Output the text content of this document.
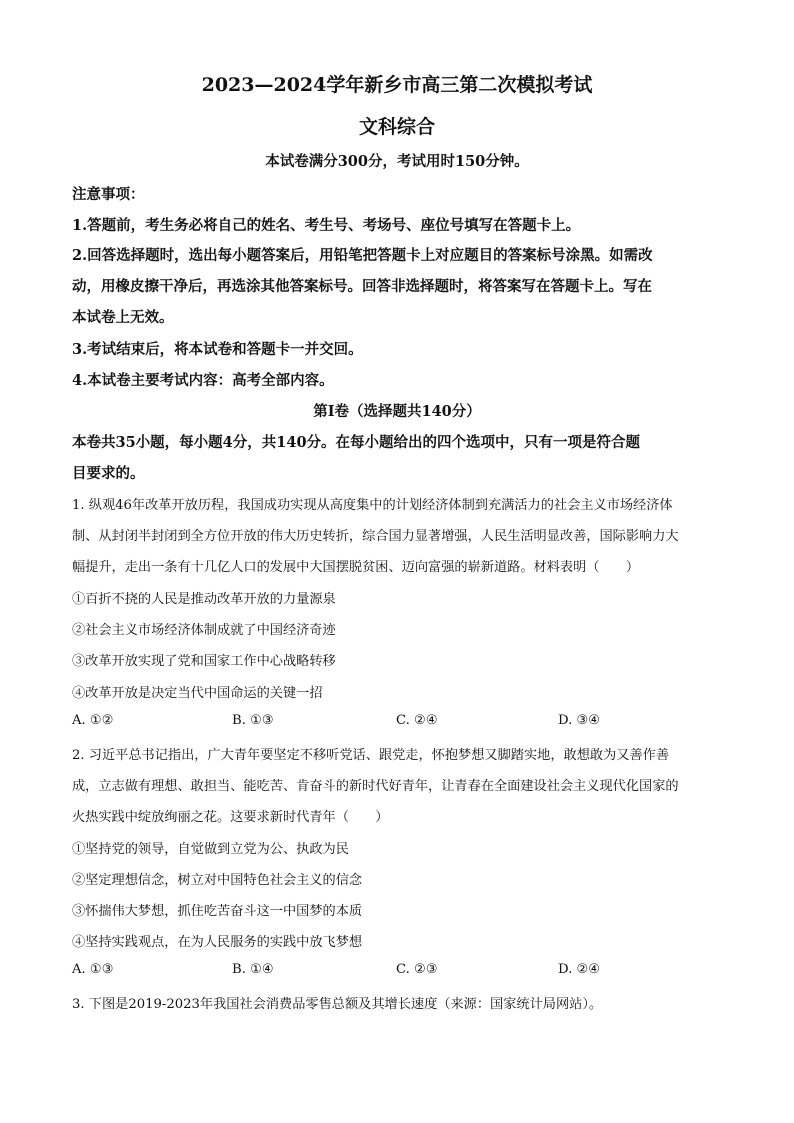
2023—2024学年新乡市高三第二次模拟考试
文科综合
本试卷满分300分，考试用时150分钟。
注意事项：
1.答题前，考生务必将自己的姓名、考生号、考场号、座位号填写在答题卡上。
2.回答选择题时，选出每小题答案后，用铅笔把答题卡上对应题目的答案标号涂黑。如需改
动，用橡皮擦干净后，再选涂其他答案标号。回答非选择题时，将答案写在答题卡上。写在
本试卷上无效。
3.考试结束后，将本试卷和答题卡一并交回。
4.本试卷主要考试内容：高考全部内容。
第Ⅰ卷（选择题共140分）
本卷共35小题，每小题4分，共140分。在每小题给出的四个选项中，只有一项是符合题
目要求的。
1. 纵观46年改革开放历程，我国成功实现从高度集中的计划经济体制到充满活力的社会主义市场经济体
制、从封闭半封闭到全方位开放的伟大历史转折，综合国力显著增强，人民生活明显改善，国际影响力大
幅提升，走出一条有十几亿人口的发展中大国摆脱贫困、迈向富强的崭新道路。材料表明（　　）
①百折不挠的人民是推动改革开放的力量源泉
②社会主义市场经济体制成就了中国经济奇迹
③改革开放实现了党和国家工作中心战略转移
④改革开放是决定当代中国命运的关键一招
A. ①②	B. ①③	C. ②④	D. ③④
2. 习近平总书记指出，广大青年要坚定不移听党话、跟党走，怀抱梦想又脚踏实地，敢想敢为又善作善
成，立志做有理想、敢担当、能吃苦、肯奋斗的新时代好青年，让青春在全面建设社会主义现代化国家的
火热实践中绽放绚丽之花。这要求新时代青年（　　）
①坚持党的领导，自觉做到立党为公、执政为民
②坚定理想信念，树立对中国特色社会主义的信念
③怀揣伟大梦想，抓住吃苦奋斗这一中国梦的本质
④坚持实践观点，在为人民服务的实践中放飞梦想
A. ①③	B. ①④	C. ②③	D. ②④
3. 下图是2019-2023年我国社会消费品零售总额及其增长速度（来源：国家统计局网站）。
